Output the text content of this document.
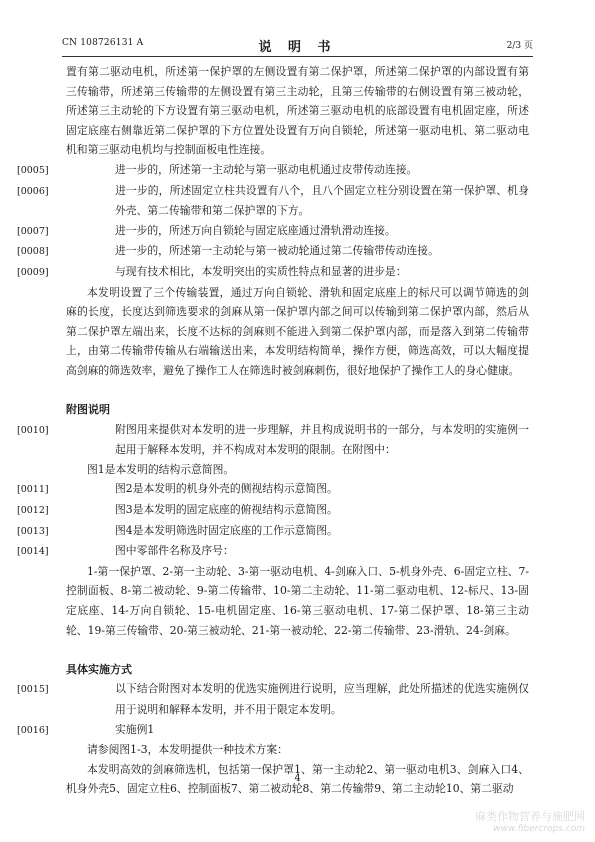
CN 108726131 A	说 明 书	2/3 页

置有第二驱动电机，所述第一保护罩的左侧设置有第二保护罩，所述第二保护罩的内部设置有第三传输带，所述第三传输带的左侧设置有第三主动轮，且第三传输带的右侧设置有第三被动轮，所述第三主动轮的下方设置有第三驱动电机，所述第三驱动电机的底部设置有电机固定座，所述固定底座右侧靠近第二保护罩的下方位置处设置有万向自锁轮，所述第一驱动电机、第二驱动电机和第三驱动电机均与控制面板电性连接。

[0005]	进一步的，所述第一主动轮与第一驱动电机通过皮带传动连接。

[0006]	进一步的，所述固定立柱共设置有八个，且八个固定立柱分别设置在第一保护罩、机身外壳、第二传输带和第二保护罩的下方。

[0007]	进一步的，所述万向自锁轮与固定底座通过滑轨滑动连接。

[0008]	进一步的，所述第一主动轮与第一被动轮通过第二传输带传动连接。

[0009]	与现有技术相比，本发明突出的实质性特点和显著的进步是：

本发明设置了三个传输装置，通过万向自锁轮、滑轨和固定底座上的标尺可以调节筛选的剑麻的长度，长度达到筛选要求的剑麻从第一保护罩内部之间可以传输到第二保护罩内部，然后从第二保护罩左端出来，长度不达标的剑麻则不能进入到第二保护罩内部，而是落入到第二传输带上，由第二传输带传输从右端输送出来，本发明结构简单，操作方便，筛选高效，可以大幅度提高剑麻的筛选效率，避免了操作工人在筛选时被剑麻刺伤，很好地保护了操作工人的身心健康。

附图说明

[0010]	附图用来提供对本发明的进一步理解，并且构成说明书的一部分，与本发明的实施例一起用于解释本发明，并不构成对本发明的限制。在附图中：

图1是本发明的结构示意简图。

[0011]	图2是本发明的机身外壳的侧视结构示意简图。

[0012]	图3是本发明的固定底座的俯视结构示意简图。

[0013]	图4是本发明筛选时固定底座的工作示意简图。

[0014]	图中零部件名称及序号：

1-第一保护罩、2-第一主动轮、3-第一驱动电机、4-剑麻入口、5-机身外壳、6-固定立柱、7-控制面板、8-第二被动轮、9-第二传输带、10-第二主动轮、11-第二驱动电机、12-标尺、13-固定底座、14-万向自锁轮、15-电机固定座、16-第三驱动电机、17-第二保护罩、18-第三主动轮、19-第三传输带、20-第三被动轮、21-第一被动轮、22-第二传输带、23-滑轨、24-剑麻。

具体实施方式

[0015]	以下结合附图对本发明的优选实施例进行说明，应当理解，此处所描述的优选实施例仅用于说明和解释本发明，并不用于限定本发明。

[0016]	实施例1

请参阅图1-3，本发明提供一种技术方案：

本发明高效的剑麻筛选机，包括第一保护罩1、第一主动轮2、第一驱动电机3、剑麻入口4、机身外壳5、固定立柱6、控制面板7、第二被动轮8、第二传输带9、第二主动轮10、第二驱动

4
麻类作物营养与施肥网
www.fibercrops.com
